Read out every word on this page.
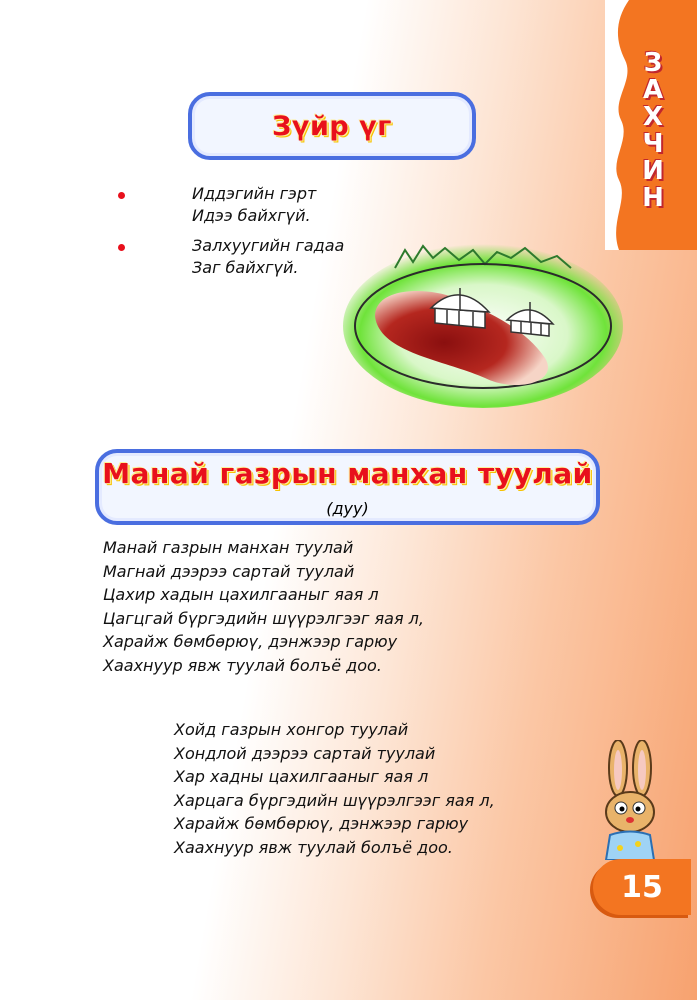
З
А
Х
Ч
И
Н
Зүйр үг
Иддэгийн гэрт
Идээ байхгүй.
Залхуугийн гадаа
Заг байхгүй.
Манай газрын манхан туулай
(дуу)
Манай газрын манхан туулай
Магнай дээрээ сартай туулай
Цахир хадын цахилгааныг яая л
Цагцгай бүргэдийн шүүрэлгээг яая л,
Харайж бөмбөрюү, дэнжээр гарюу
Хаахнуур явж туулай болъё доо.
Хойд газрын хонгор туулай
Хондлой дээрээ сартай туулай
Хар хадны цахилгааныг яая л
Харцага бүргэдийн шүүрэлгээг яая л,
Харайж бөмбөрюү, дэнжээр гарюу
Хаахнуур явж туулай болъё доо.
15
